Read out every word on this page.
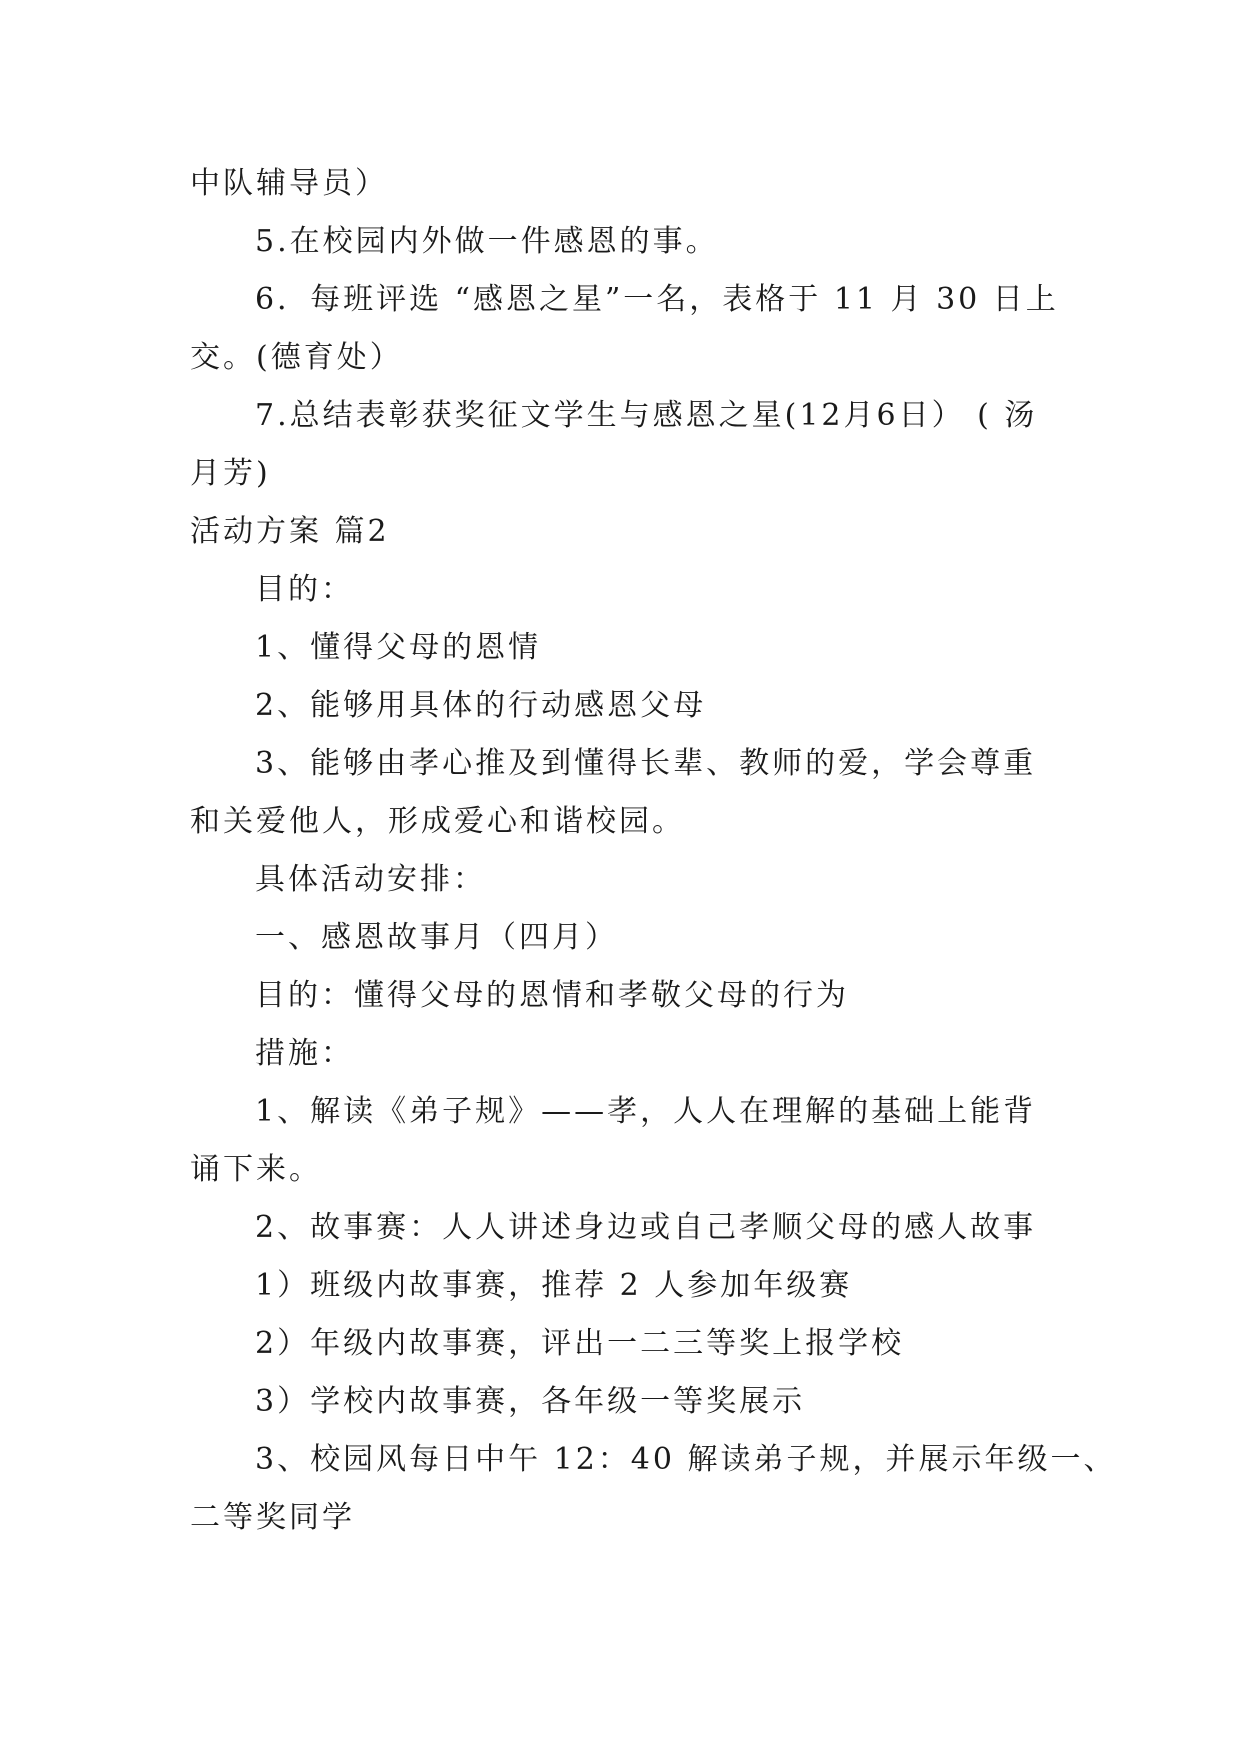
中队辅导员）
5.在校园内外做一件感恩的事。
6．每班评选 “感恩之星”一名，表格于 11 月 30 日上
交。(德育处）
7.总结表彰获奖征文学生与感恩之星(12月6日） ( 汤
月芳)
活动方案 篇2
目的：
1、懂得父母的恩情
2、能够用具体的行动感恩父母
3、能够由孝心推及到懂得长辈、教师的爱，学会尊重
和关爱他人，形成爱心和谐校园。
具体活动安排：
一、感恩故事月（四月）
目的：懂得父母的恩情和孝敬父母的行为
措施：
1、解读《弟子规》——孝，人人在理解的基础上能背
诵下来。
2、故事赛：人人讲述身边或自己孝顺父母的感人故事
1）班级内故事赛，推荐 2 人参加年级赛
2）年级内故事赛，评出一二三等奖上报学校
3）学校内故事赛，各年级一等奖展示
3、校园风每日中午 12：40 解读弟子规，并展示年级一、
二等奖同学
